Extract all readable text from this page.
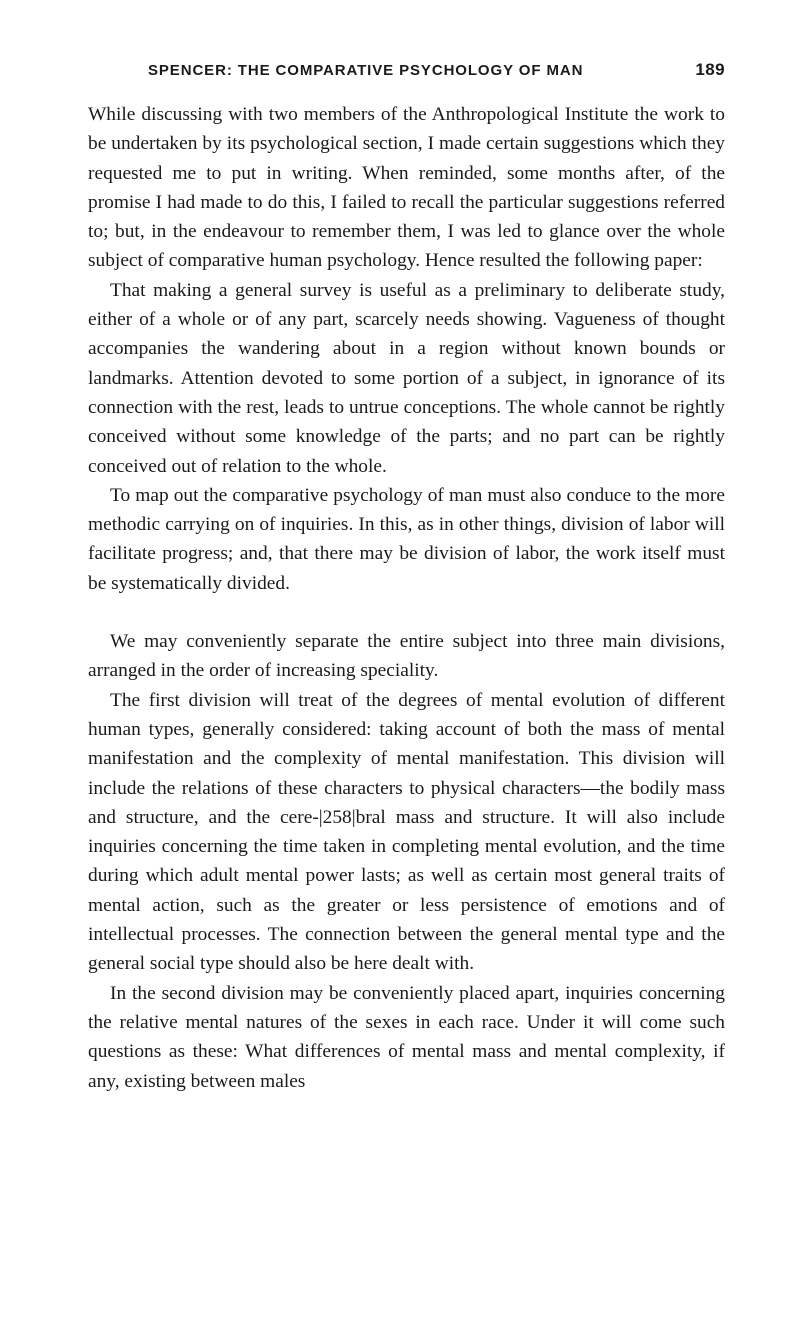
SPENCER: THE COMPARATIVE PSYCHOLOGY OF MAN	189

While discussing with two members of the Anthropological Institute the work to be undertaken by its psychological section, I made certain suggestions which they requested me to put in writing. When reminded, some months after, of the promise I had made to do this, I failed to recall the particular suggestions referred to; but, in the endeavour to remember them, I was led to glance over the whole subject of comparative human psychology. Hence resulted the following paper:

That making a general survey is useful as a preliminary to deliberate study, either of a whole or of any part, scarcely needs showing. Vagueness of thought accompanies the wandering about in a region without known bounds or landmarks. Attention devoted to some portion of a subject, in ignorance of its connection with the rest, leads to untrue conceptions. The whole cannot be rightly conceived without some knowledge of the parts; and no part can be rightly conceived out of relation to the whole.

To map out the comparative psychology of man must also conduce to the more methodic carrying on of inquiries. In this, as in other things, division of labor will facilitate progress; and, that there may be division of labor, the work itself must be systematically divided.

We may conveniently separate the entire subject into three main divisions, arranged in the order of increasing speciality.

The first division will treat of the degrees of mental evolution of different human types, generally considered: taking account of both the mass of mental manifestation and the complexity of mental manifestation. This division will include the relations of these characters to physical characters—the bodily mass and structure, and the cere-|258|bral mass and structure. It will also include inquiries concerning the time taken in completing mental evolution, and the time during which adult mental power lasts; as well as certain most general traits of mental action, such as the greater or less persistence of emotions and of intellectual processes. The connection between the general mental type and the general social type should also be here dealt with.

In the second division may be conveniently placed apart, inquiries concerning the relative mental natures of the sexes in each race. Under it will come such questions as these: What differences of mental mass and mental complexity, if any, existing between males
